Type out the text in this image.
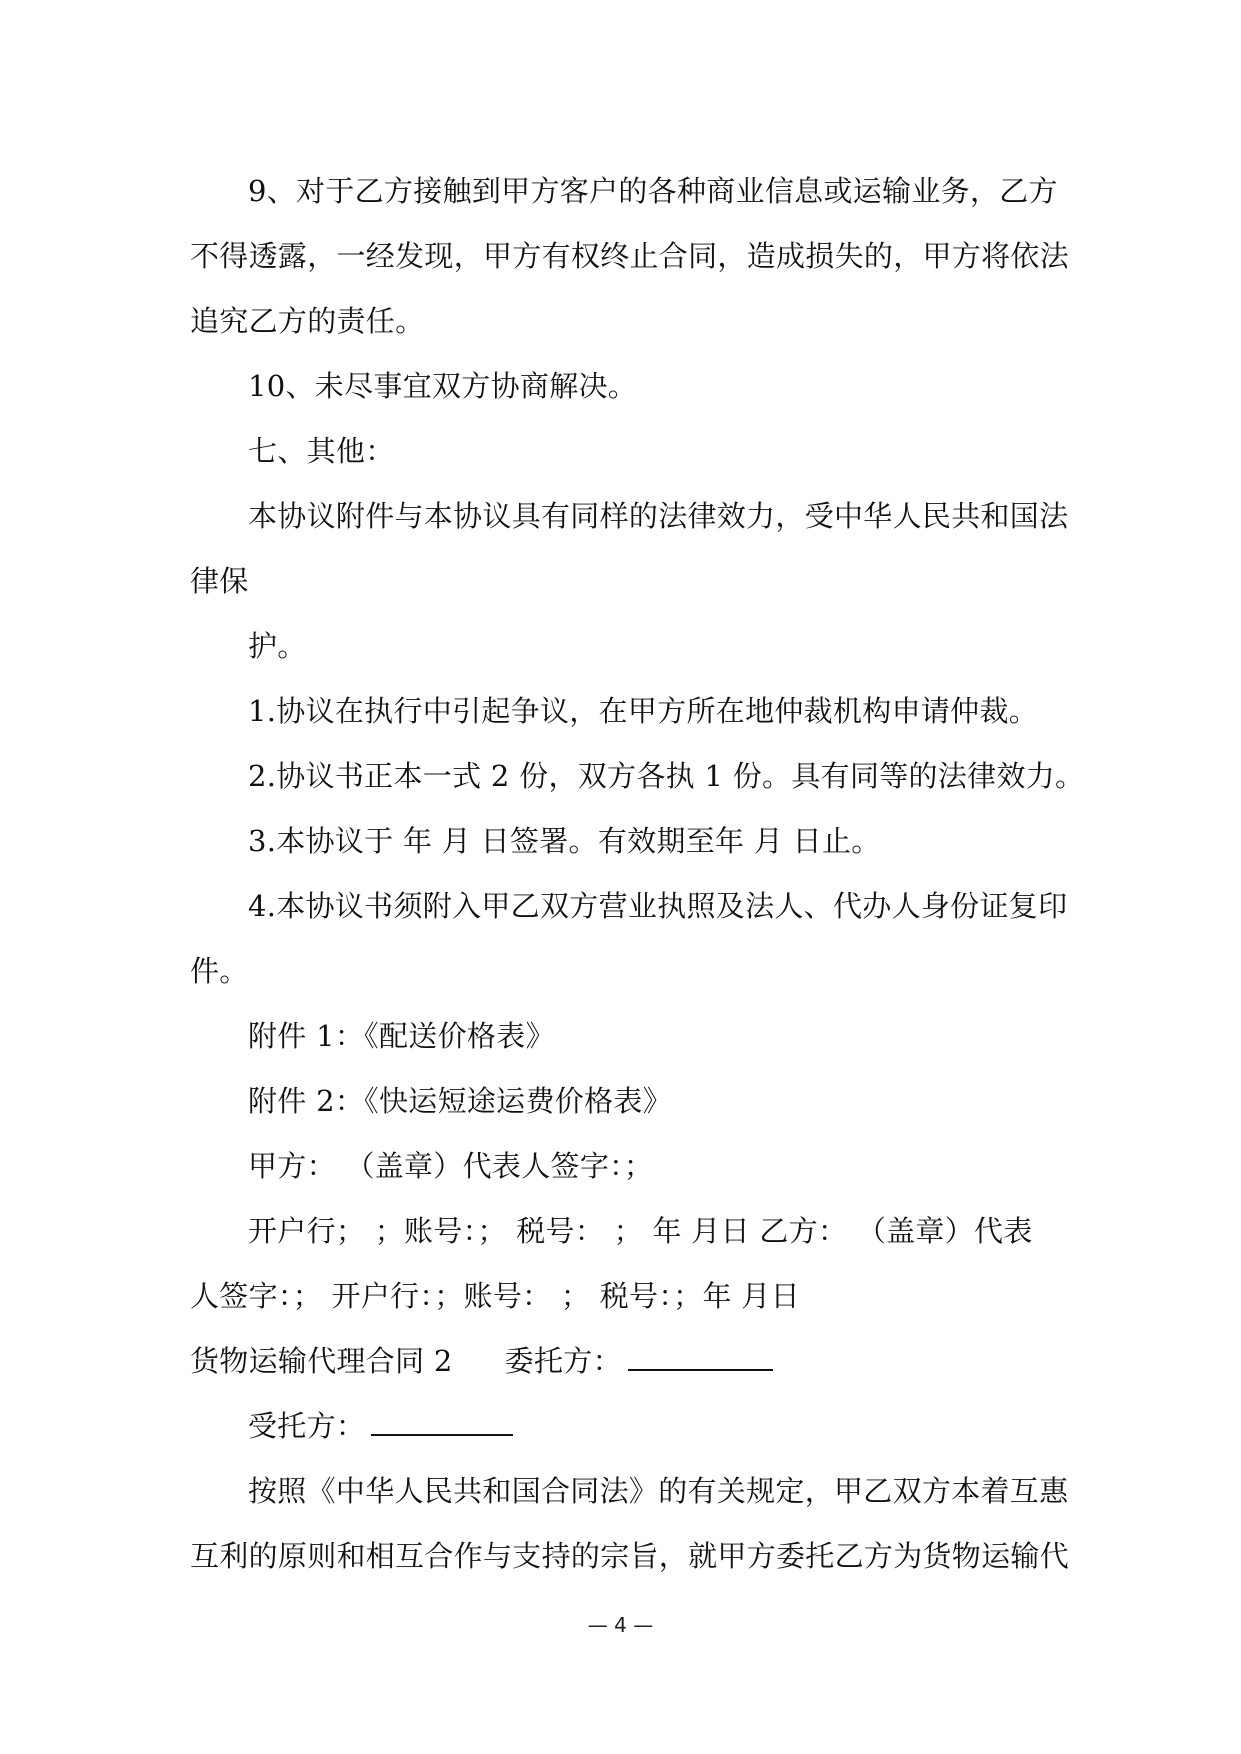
9、对于乙方接触到甲方客户的各种商业信息或运输业务，乙方

不得透露，一经发现，甲方有权终止合同，造成损失的，甲方将依法

追究乙方的责任。

10、未尽事宜双方协商解决。

七、其他：

本协议附件与本协议具有同样的法律效力，受中华人民共和国法

律保

护。

1.协议在执行中引起争议，在甲方所在地仲裁机构申请仲裁。

2.协议书正本一式 2 份，双方各执 1 份。具有同等的法律效力。

3.本协议于 年 月 日签署。有效期至年 月 日止。

4.本协议书须附入甲乙双方营业执照及法人、代办人身份证复印

件。

附件 1：《配送价格表》

附件 2：《快运短途运费价格表》

甲方： （盖章）代表人签字：；

开户行； ；账号：； 税号： ； 年 月日 乙方： （盖章）代表

人签字：； 开户行：；账号： ； 税号：；年 月日

货物运输代理合同 2 委托方：

受托方：

按照《中华人民共和国合同法》的有关规定，甲乙双方本着互惠

互利的原则和相互合作与支持的宗旨，就甲方委托乙方为货物运输代

— 4 —
